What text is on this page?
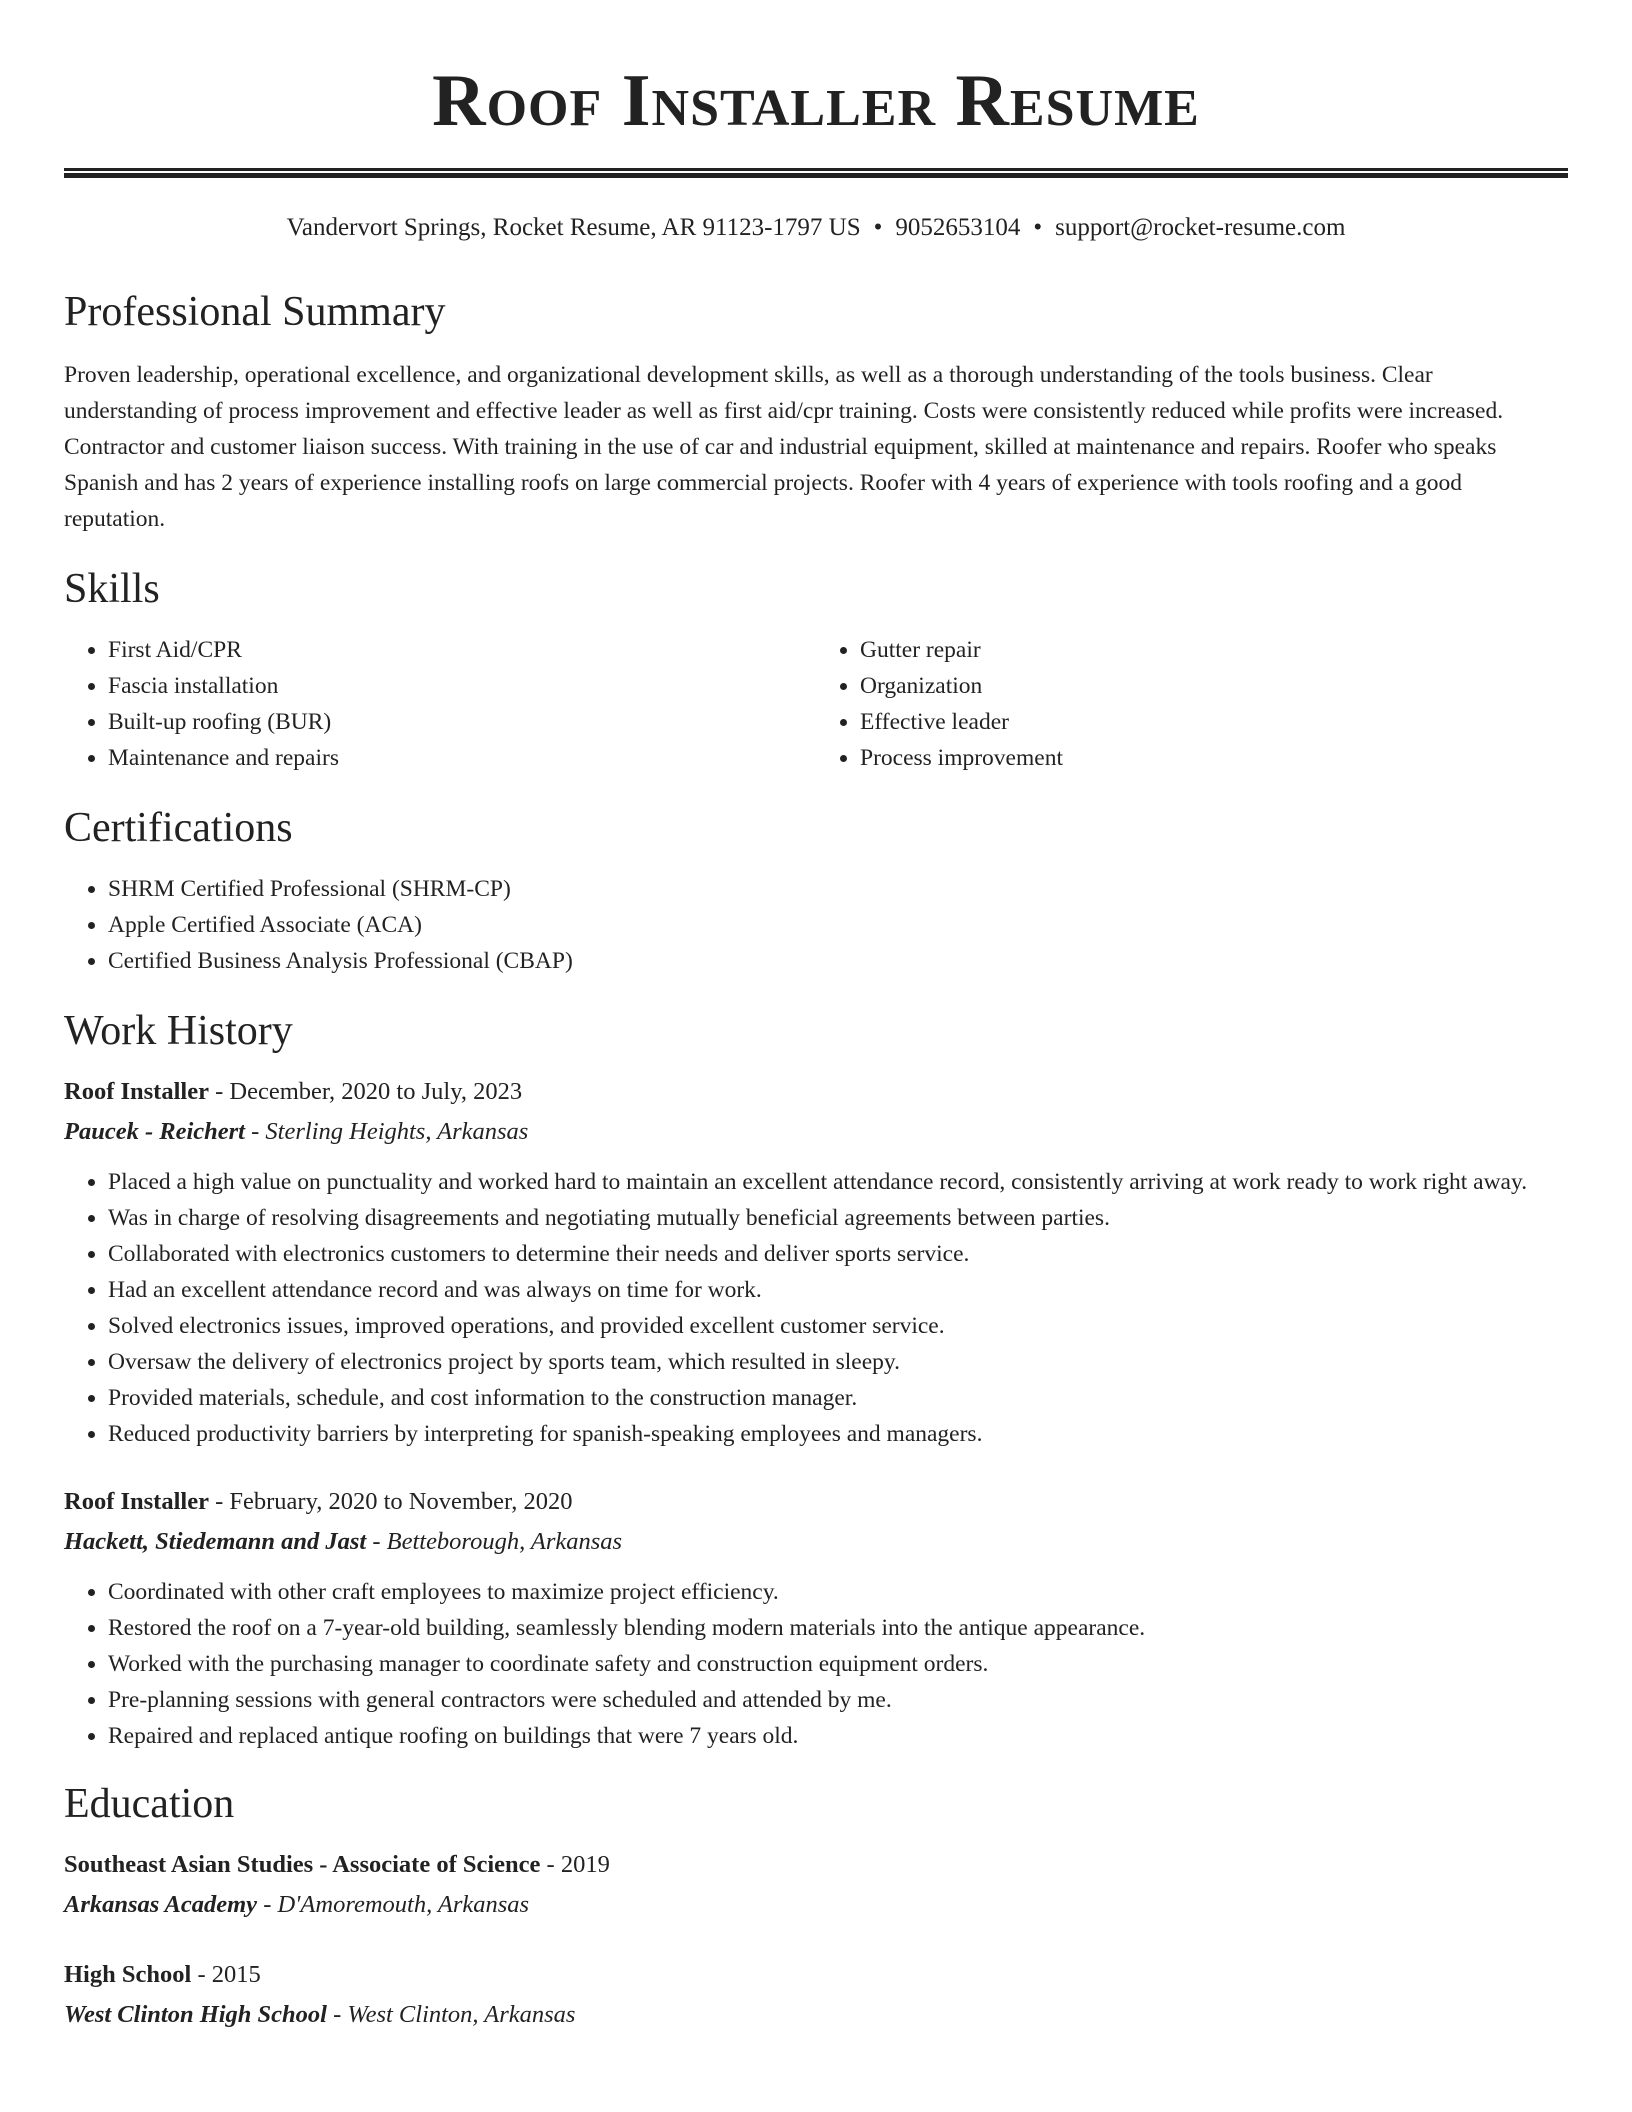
Roof Installer Resume
Vandervort Springs, Rocket Resume, AR 91123-1797 US • 9052653104 • support@rocket-resume.com
Professional Summary

Proven leadership, operational excellence, and organizational development skills, as well as a thorough understanding of the tools business. Clear understanding of process improvement and effective leader as well as first aid/cpr training. Costs were consistently reduced while profits were increased. Contractor and customer liaison success. With training in the use of car and industrial equipment, skilled at maintenance and repairs. Roofer who speaks Spanish and has 2 years of experience installing roofs on large commercial projects. Roofer with 4 years of experience with tools roofing and a good reputation.

Skills
• First Aid/CPR
• Fascia installation
• Built-up roofing (BUR)
• Maintenance and repairs
• Gutter repair
• Organization
• Effective leader
• Process improvement
Certifications
• SHRM Certified Professional (SHRM-CP)
• Apple Certified Associate (ACA)
• Certified Business Analysis Professional (CBAP)
Work History
Roof Installer - December, 2020 to July, 2023
Paucek - Reichert - Sterling Heights, Arkansas
• Placed a high value on punctuality and worked hard to maintain an excellent attendance record, consistently arriving at work ready to work right away.
• Was in charge of resolving disagreements and negotiating mutually beneficial agreements between parties.
• Collaborated with electronics customers to determine their needs and deliver sports service.
• Had an excellent attendance record and was always on time for work.
• Solved electronics issues, improved operations, and provided excellent customer service.
• Oversaw the delivery of electronics project by sports team, which resulted in sleepy.
• Provided materials, schedule, and cost information to the construction manager.
• Reduced productivity barriers by interpreting for spanish-speaking employees and managers.
Roof Installer - February, 2020 to November, 2020
Hackett, Stiedemann and Jast - Betteborough, Arkansas
• Coordinated with other craft employees to maximize project efficiency.
• Restored the roof on a 7-year-old building, seamlessly blending modern materials into the antique appearance.
• Worked with the purchasing manager to coordinate safety and construction equipment orders.
• Pre-planning sessions with general contractors were scheduled and attended by me.
• Repaired and replaced antique roofing on buildings that were 7 years old.
Education
Southeast Asian Studies - Associate of Science - 2019
Arkansas Academy - D'Amoremouth, Arkansas
High School - 2015
West Clinton High School - West Clinton, Arkansas
